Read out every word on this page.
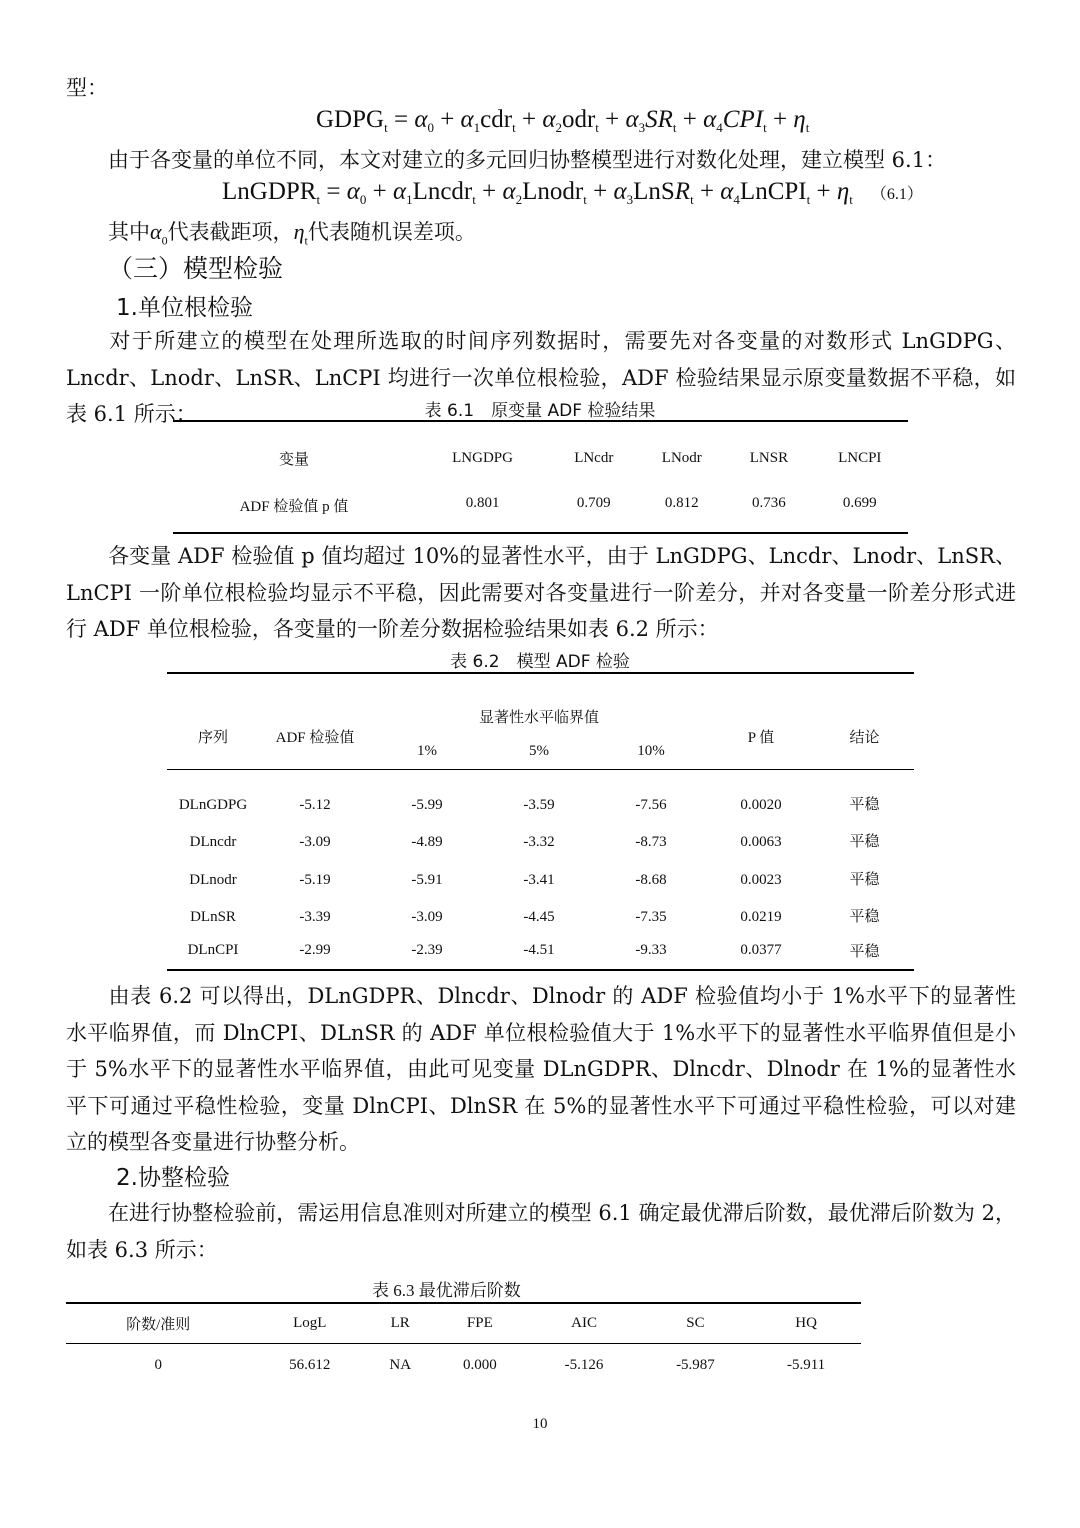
型：
$GDPG_t = \alpha_0 + \alpha_1cdr_t + \alpha_2odr_t + \alpha_3SR_t + \alpha_4CPI_t + \eta_t$
由于各变量的单位不同，本文对建立的多元回归协整模型进行对数化处理，建立模型 6.1：
LnGDPR$_t$ = $\alpha_0$ + $\alpha_1Lncdr_t$ + $\alpha_2Lnodr_t$ + $\alpha_3LnSR_t$ + $\alpha_4LnCPI_t + \eta_t$ （6.1）
其中$\alpha_0$代表截距项，$\eta_t$代表随机误差项。
（三）模型检验
1.单位根检验
对于所建立的模型在处理所选取的时间序列数据时，需要先对各变量的对数形式 LnGDPG、Lncdr、Lnodr、LnSR、LnCPI 均进行一次单位根检验，ADF 检验结果显示原变量数据不平稳，如表 6.1 所示：	表 6.1　原变量 ADF 检验结果
变量	LNGDPG	LNcdr	LNodr	LNSR	LNCPI
ADF 检验值 p 值	0.801	0.709	0.812	0.736	0.699
各变量 ADF 检验值 p 值均超过 10%的显著性水平，由于 LnGDPG、Lncdr、Lnodr、LnSR、LnCPI 一阶单位根检验均显示不平稳，因此需要对各变量进行一阶差分，并对各变量一阶差分形式进行 ADF 单位根检验，各变量的一阶差分数据检验结果如表 6.2 所示：
表 6.2　模型 ADF 检验
序列	ADF 检验值	显著性水平临界值			P 值	结论
		1%	5%	10%		

DLnGDPG	-5.12	-5.99	-3.59	-7.56	0.0020	平稳
DLncdr	-3.09	-4.89	-3.32	-8.73	0.0063	平稳
DLnodr	-5.19	-5.91	-3.41	-8.68	0.0023	平稳
DLnSR	-3.39	-3.09	-4.45	-7.35	0.0219	平稳
DLnCPI	-2.99	-2.39	-4.51	-9.33	0.0377	平稳
由表 6.2 可以得出，DLnGDPR、Dlncdr、Dlnodr 的 ADF 检验值均小于 1%水平下的显著性水平临界值，而 DlnCPI、DLnSR 的 ADF 单位根检验值大于 1%水平下的显著性水平临界值但是小于 5%水平下的显著性水平临界值，由此可见变量 DLnGDPR、Dlncdr、Dlnodr 在 1%的显著性水平下可通过平稳性检验，变量 DlnCPI、DlnSR 在 5%的显著性水平下可通过平稳性检验，可以对建立的模型各变量进行协整分析。
2.协整检验
在进行协整检验前，需运用信息准则对所建立的模型 6.1 确定最优滞后阶数，最优滞后阶数为 2，如表 6.3 所示：
表 6.3 最优滞后阶数
阶数/准则	LogL	LR	FPE	AIC	SC	HQ
0	56.612	NA	0.000	-5.126	-5.987	-5.911
10
